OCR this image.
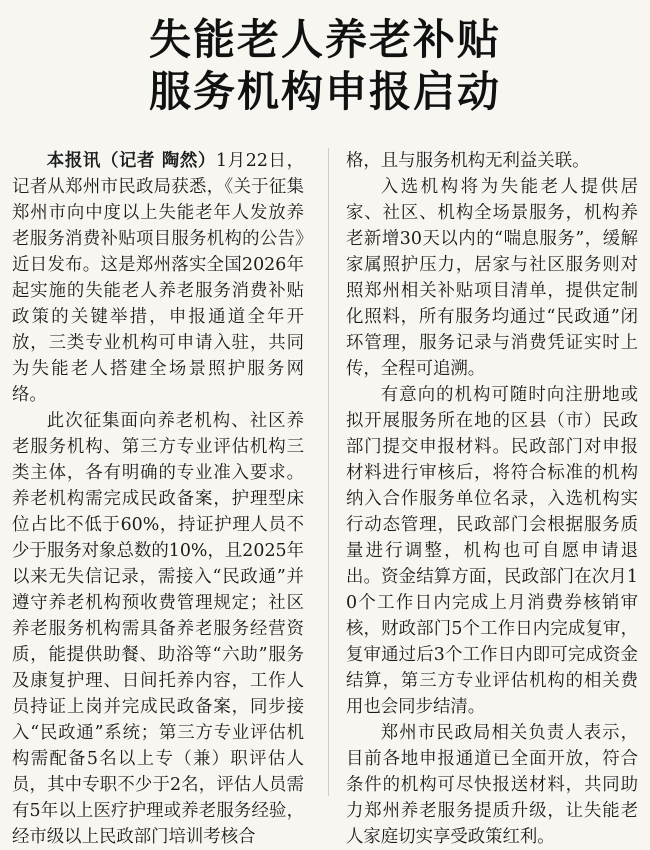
失能老人养老补贴
服务机构申报启动

本报讯（记者 陶然）1月22日，记者从郑州市民政局获悉，《关于征集郑州市向中度以上失能老年人发放养老服务消费补贴项目服务机构的公告》近日发布。这是郑州落实全国2026年起实施的失能老人养老服务消费补贴政策的关键举措，申报通道全年开放，三类专业机构可申请入驻，共同为失能老人搭建全场景照护服务网络。

此次征集面向养老机构、社区养老服务机构、第三方专业评估机构三类主体，各有明确的专业准入要求。养老机构需完成民政备案，护理型床位占比不低于60%，持证护理人员不少于服务对象总数的10%，且2025年以来无失信记录，需接入“民政通”并遵守养老机构预收费管理规定；社区养老服务机构需具备养老服务经营资质，能提供助餐、助浴等“六助”服务及康复护理、日间托养内容，工作人员持证上岗并完成民政备案，同步接入“民政通”系统；第三方专业评估机构需配备5名以上专（兼）职评估人员，其中专职不少于2名，评估人员需有5年以上医疗护理或养老服务经验，经市级以上民政部门培训考核合

格，且与服务机构无利益关联。

入选机构将为失能老人提供居家、社区、机构全场景服务，机构养老新增30天以内的“喘息服务”，缓解家属照护压力，居家与社区服务则对照郑州相关补贴项目清单，提供定制化照料，所有服务均通过“民政通”闭环管理，服务记录与消费凭证实时上传，全程可追溯。

有意向的机构可随时向注册地或拟开展服务所在地的区县（市）民政部门提交申报材料。民政部门对申报材料进行审核后，将符合标准的机构纳入合作服务单位名录，入选机构实行动态管理，民政部门会根据服务质量进行调整，机构也可自愿申请退出。资金结算方面，民政部门在次月10个工作日内完成上月消费券核销审核，财政部门5个工作日内完成复审，复审通过后3个工作日内即可完成资金结算，第三方专业评估机构的相关费用也会同步结清。

郑州市民政局相关负责人表示，目前各地申报通道已全面开放，符合条件的机构可尽快报送材料，共同助力郑州养老服务提质升级，让失能老人家庭切实享受政策红利。
